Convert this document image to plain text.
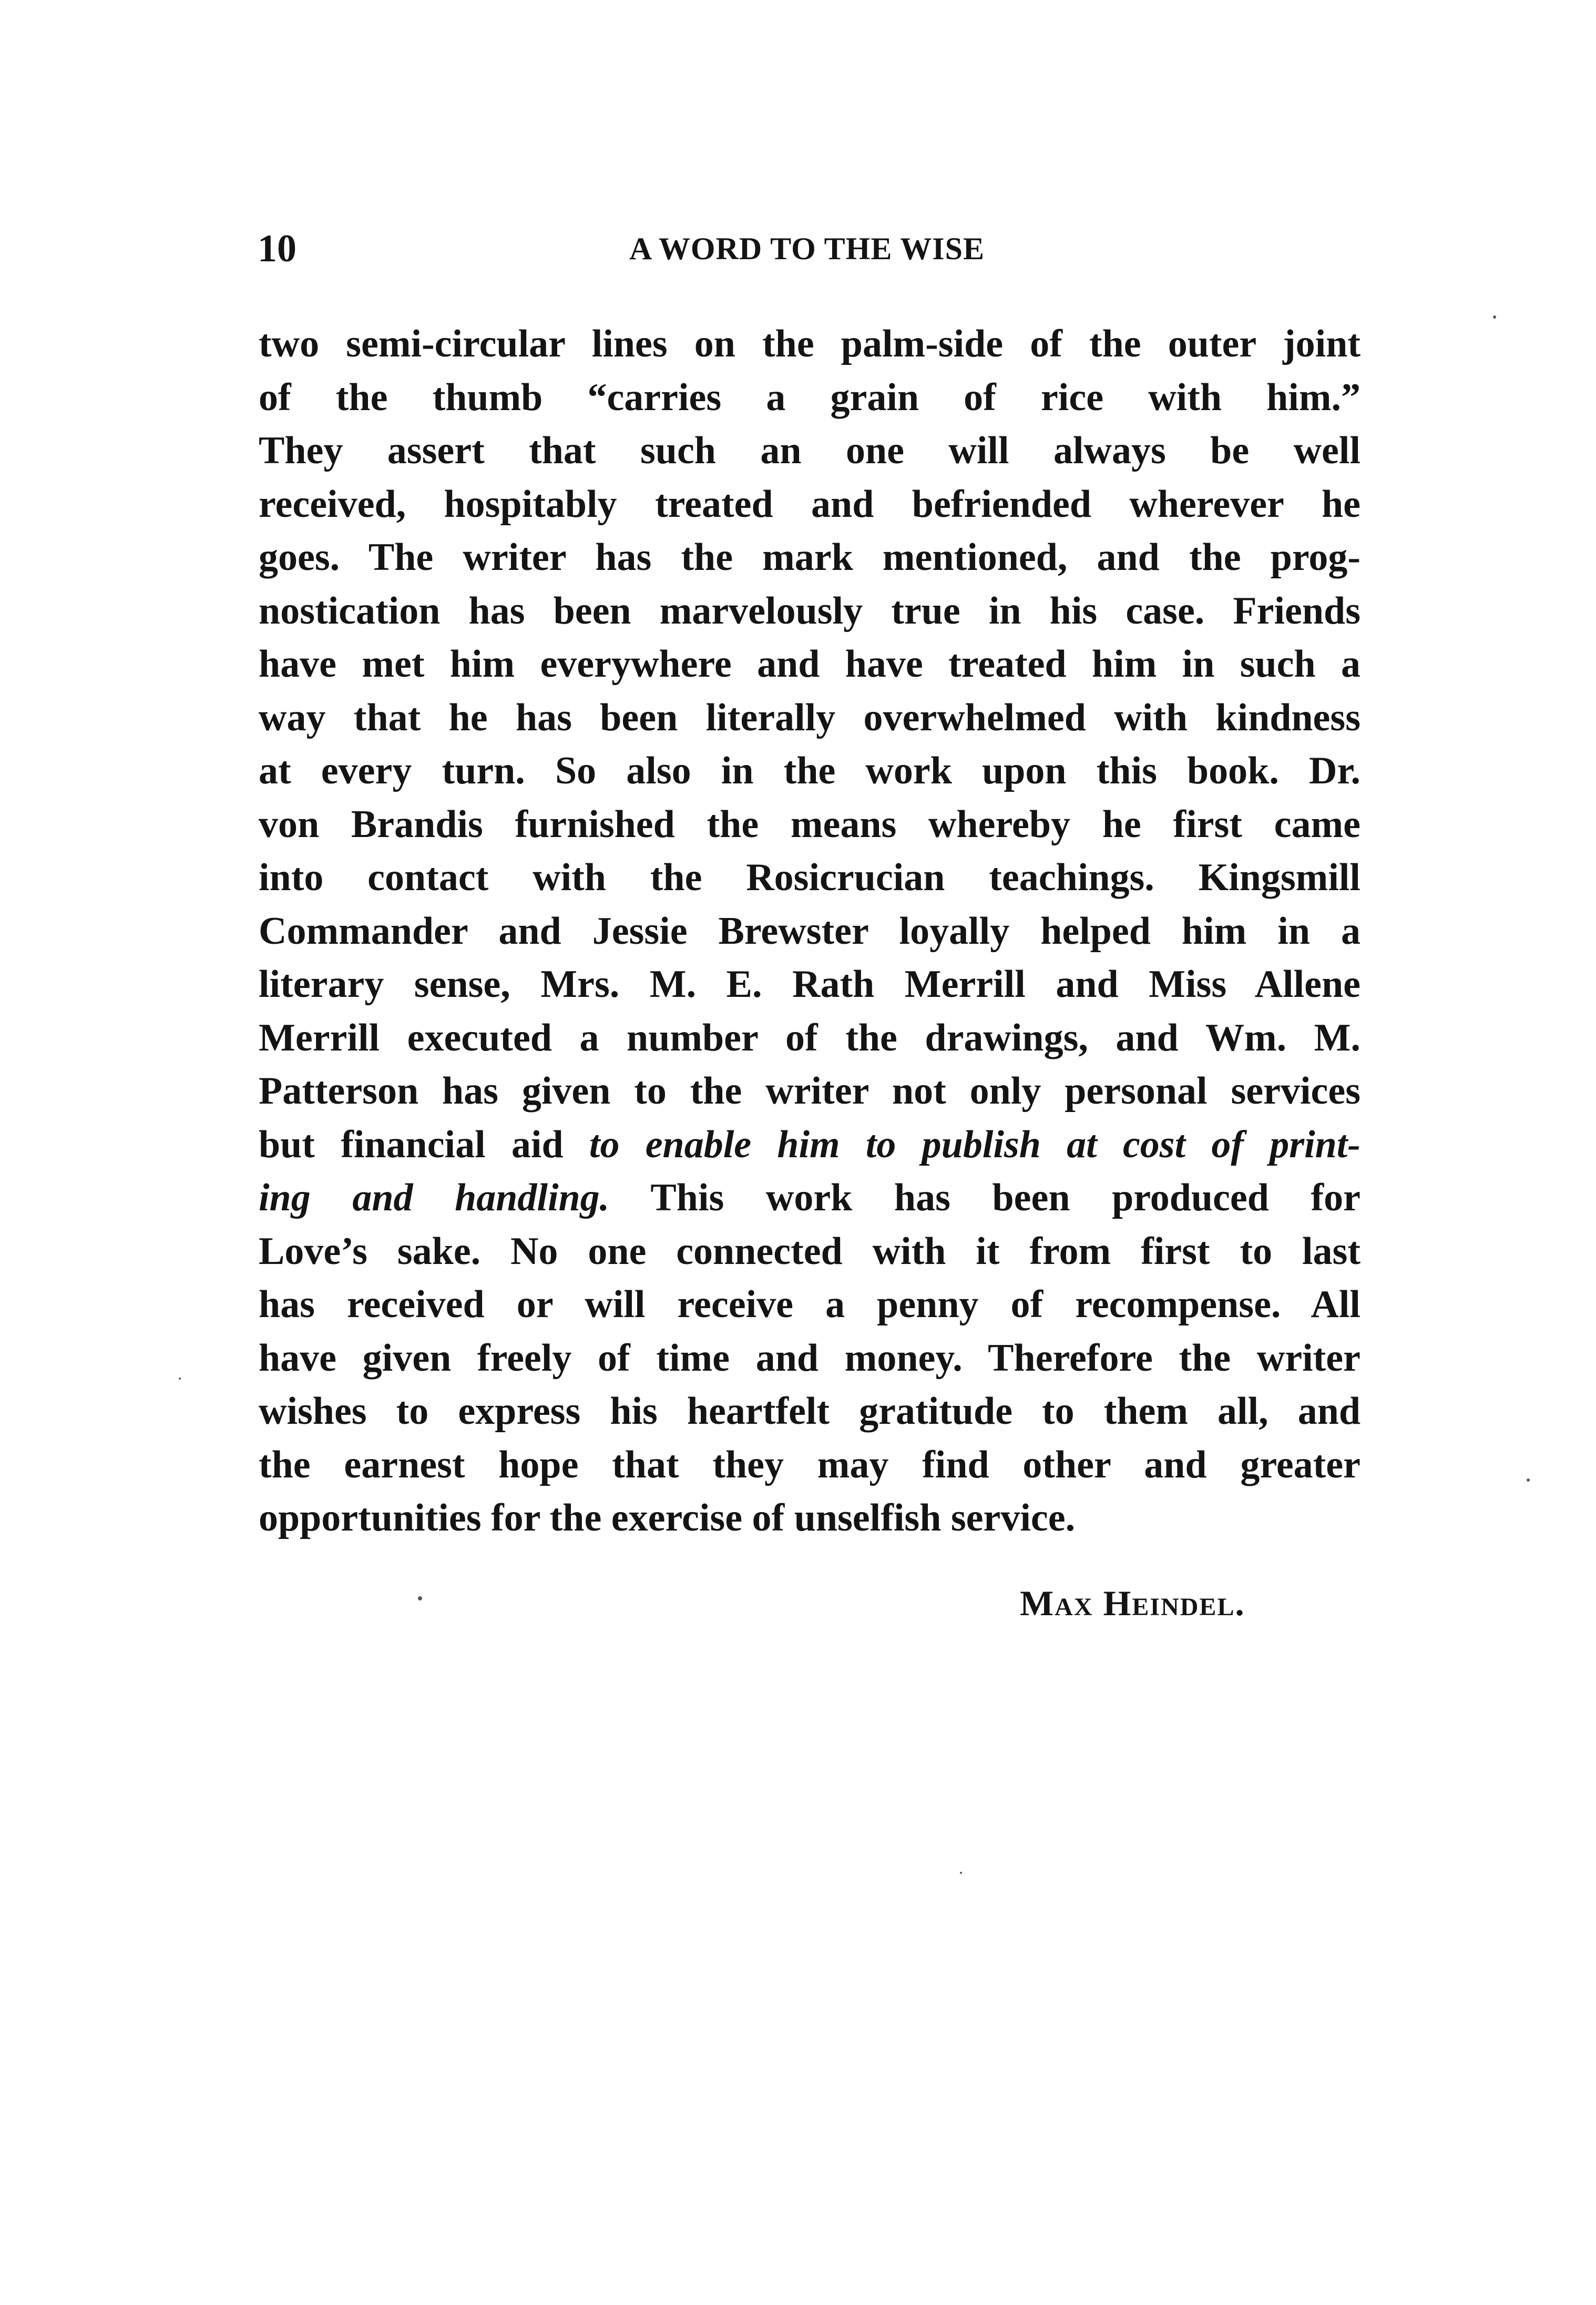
10	A WORD TO THE WISE
two semi-circular lines on the palm-side of the outer joint
of the thumb “carries a grain of rice with him.”
They assert that such an one will always be well
received, hospitably treated and befriended wherever he
goes. The writer has the mark mentioned, and the prog-
nostication has been marvelously true in his case. Friends
have met him everywhere and have treated him in such a
way that he has been literally overwhelmed with kindness
at every turn. So also in the work upon this book. Dr.
von Brandis furnished the means whereby he first came
into contact with the Rosicrucian teachings. Kingsmill
Commander and Jessie Brewster loyally helped him in a
literary sense, Mrs. M. E. Rath Merrill and Miss Allene
Merrill executed a number of the drawings, and Wm. M.
Patterson has given to the writer not only personal services
but financial aid to enable him to publish at cost of print-
ing and handling. This work has been produced for
Love’s sake. No one connected with it from first to last
has received or will receive a penny of recompense. All
have given freely of time and money. Therefore the writer
wishes to express his heartfelt gratitude to them all, and
the earnest hope that they may find other and greater
opportunities for the exercise of unselfish service.
Max Heindel.
